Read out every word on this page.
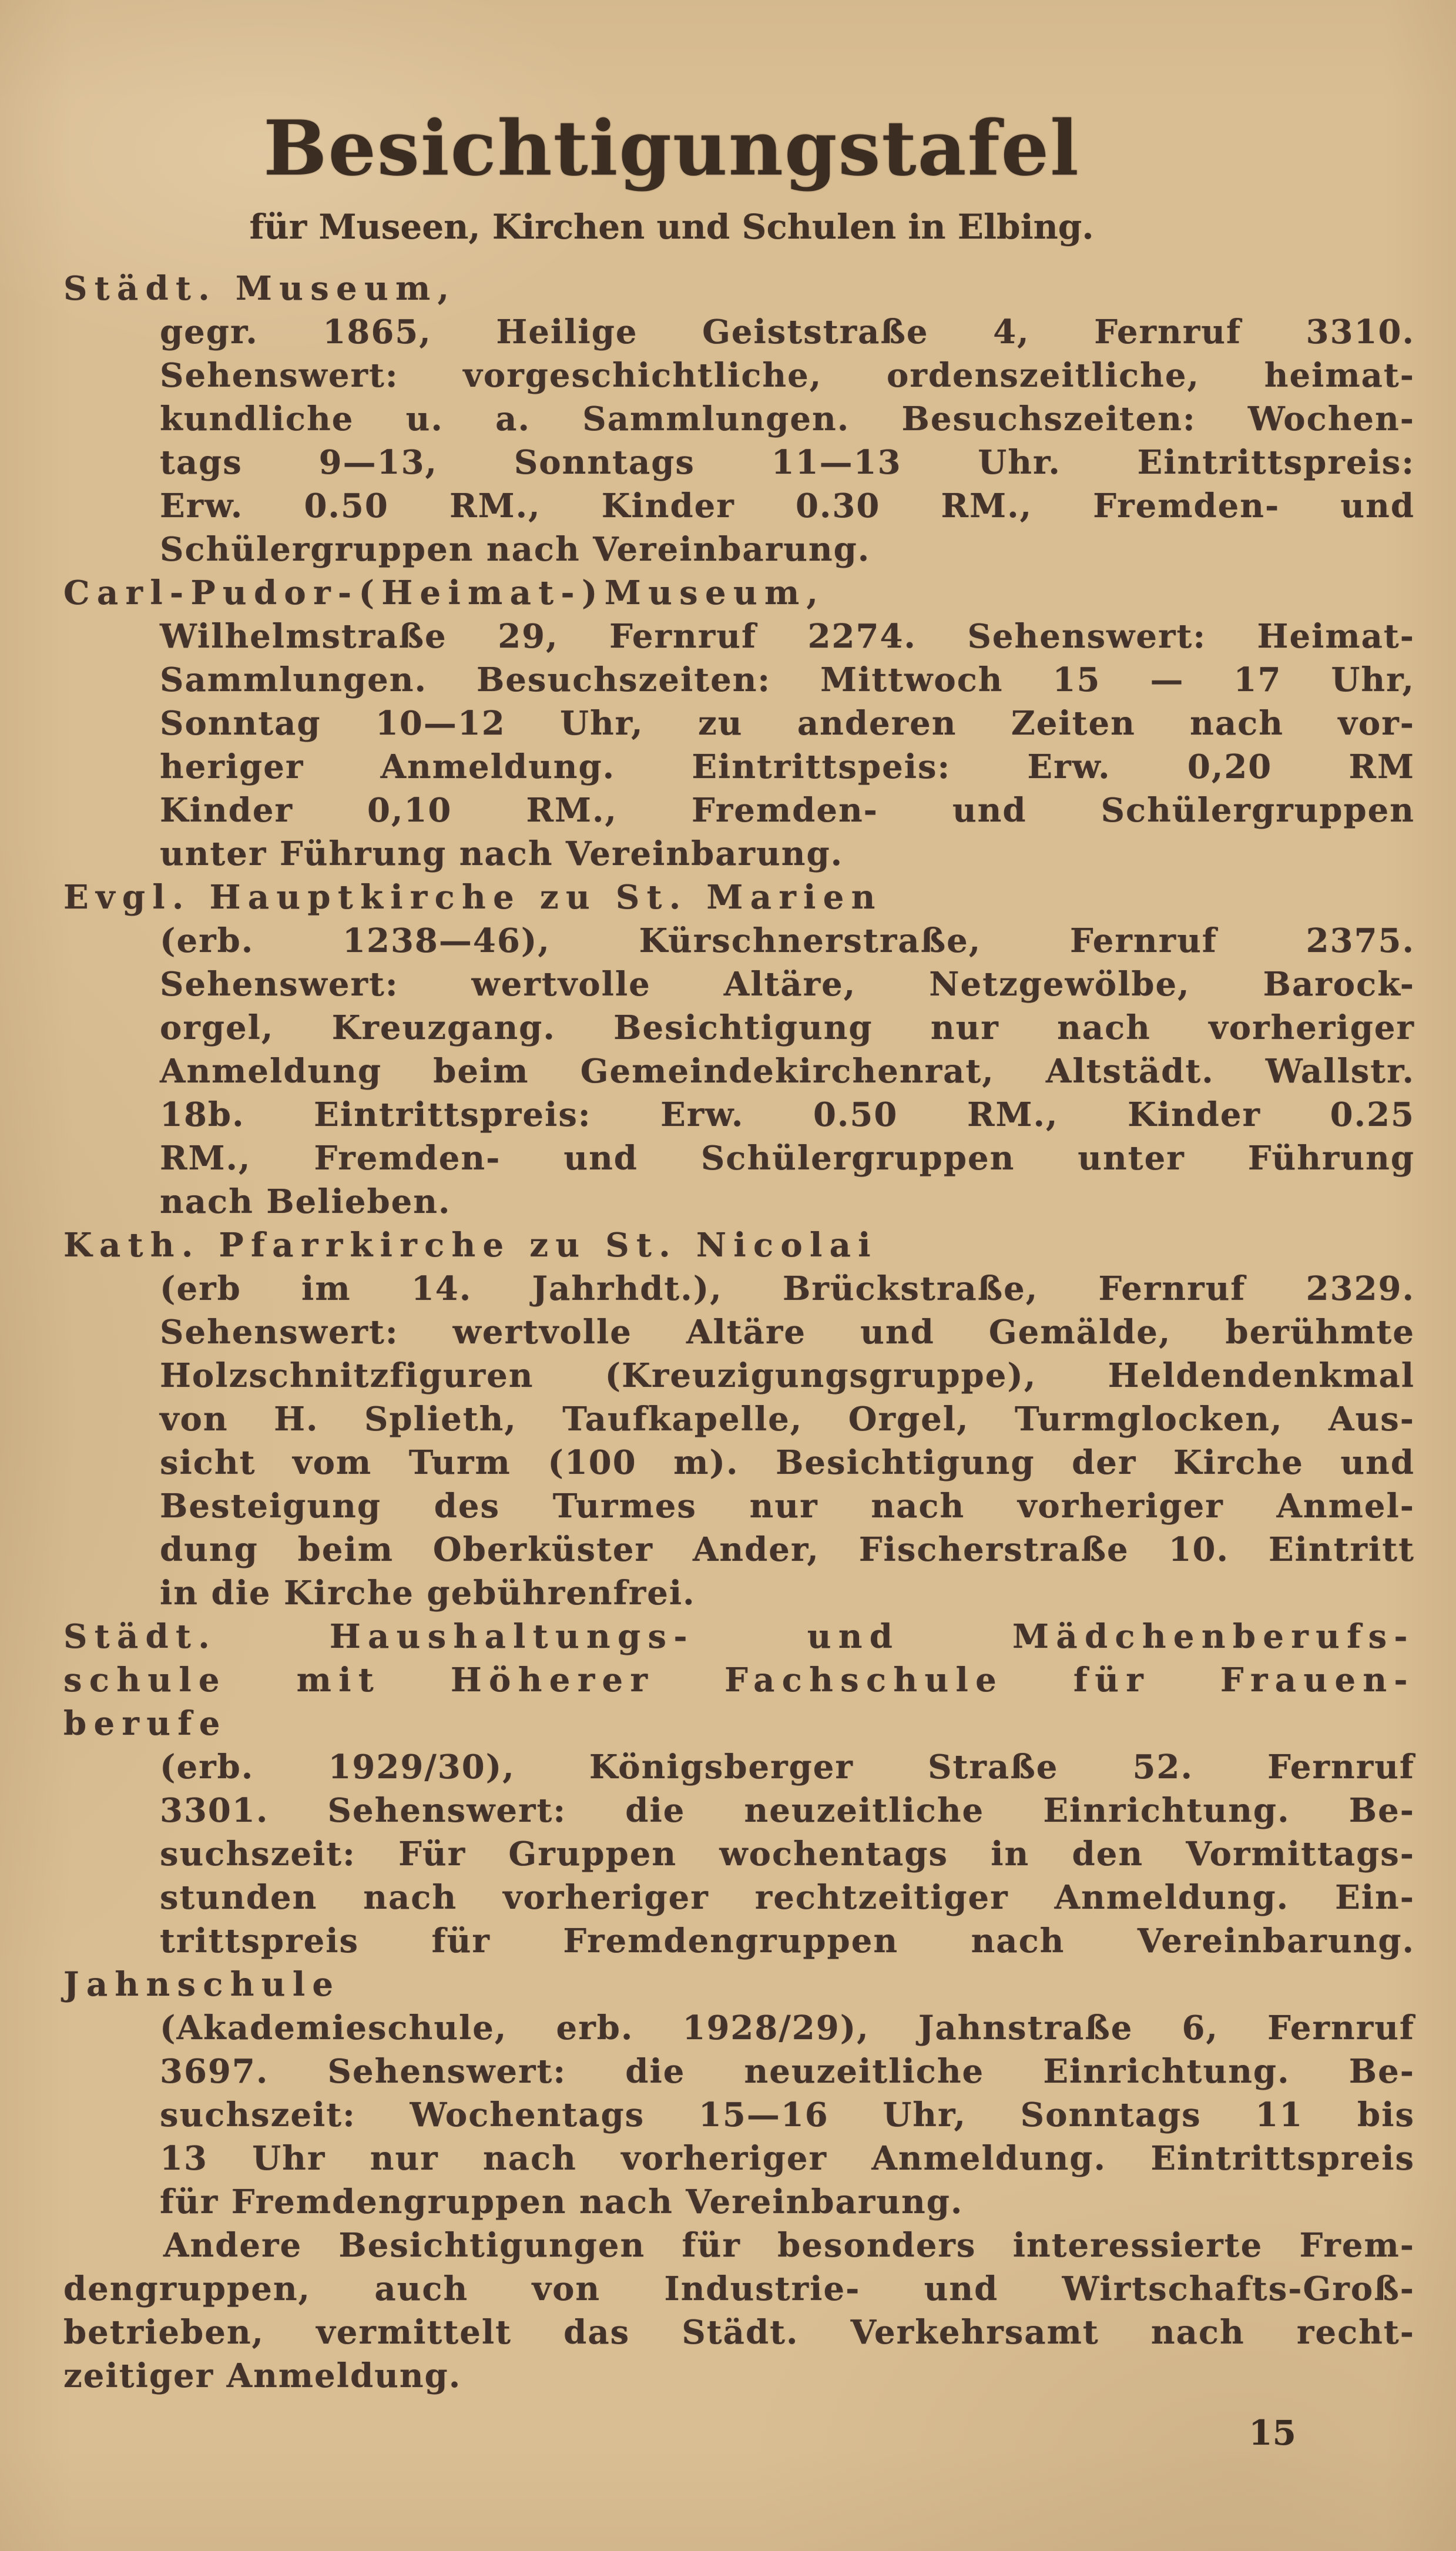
Besichtigungstafel
für Museen, Kirchen und Schulen in Elbing.
Städt. Museum,
gegr. 1865, Heilige Geiststraße 4, Fernruf 3310.
Sehenswert: vorgeschichtliche, ordenszeitliche, heimat-
kundliche u. a. Sammlungen. Besuchszeiten: Wochen-
tags 9—13, Sonntags 11—13 Uhr. Eintrittspreis:
Erw. 0.50 RM., Kinder 0.30 RM., Fremden- und
Schülergruppen nach Vereinbarung.
Carl-Pudor-(Heimat-)Museum,
Wilhelmstraße 29, Fernruf 2274. Sehenswert: Heimat-
Sammlungen. Besuchszeiten: Mittwoch 15 — 17 Uhr,
Sonntag 10—12 Uhr, zu anderen Zeiten nach vor-
heriger Anmeldung. Eintrittspeis: Erw. 0,20 RM
Kinder 0,10 RM., Fremden- und Schülergruppen
unter Führung nach Vereinbarung.
Evgl. Hauptkirche zu St. Marien
(erb. 1238—46), Kürschnerstraße, Fernruf 2375.
Sehenswert: wertvolle Altäre, Netzgewölbe, Barock-
orgel, Kreuzgang. Besichtigung nur nach vorheriger
Anmeldung beim Gemeindekirchenrat, Altstädt. Wallstr.
18b. Eintrittspreis: Erw. 0.50 RM., Kinder 0.25
RM., Fremden- und Schülergruppen unter Führung
nach Belieben.
Kath. Pfarrkirche zu St. Nicolai
(erb im 14. Jahrhdt.), Brückstraße, Fernruf 2329.
Sehenswert: wertvolle Altäre und Gemälde, berühmte
Holzschnitzfiguren (Kreuzigungsgruppe), Heldendenkmal
von H. Splieth, Taufkapelle, Orgel, Turmglocken, Aus-
sicht vom Turm (100 m). Besichtigung der Kirche und
Besteigung des Turmes nur nach vorheriger Anmel-
dung beim Oberküster Ander, Fischerstraße 10. Eintritt
in die Kirche gebührenfrei.
Städt. Haushaltungs- und Mädchenberufs-
schule mit Höherer Fachschule für Frauen-
berufe
(erb. 1929/30), Königsberger Straße 52. Fernruf
3301. Sehenswert: die neuzeitliche Einrichtung. Be-
suchszeit: Für Gruppen wochentags in den Vormittags-
stunden nach vorheriger rechtzeitiger Anmeldung. Ein-
trittspreis für Fremdengruppen nach Vereinbarung.
Jahnschule
(Akademieschule, erb. 1928/29), Jahnstraße 6, Fernruf
3697. Sehenswert: die neuzeitliche Einrichtung. Be-
suchszeit: Wochentags 15—16 Uhr, Sonntags 11 bis
13 Uhr nur nach vorheriger Anmeldung. Eintrittspreis
für Fremdengruppen nach Vereinbarung.
Andere Besichtigungen für besonders interessierte Frem-
dengruppen, auch von Industrie- und Wirtschafts-Groß-
betrieben, vermittelt das Städt. Verkehrsamt nach recht-
zeitiger Anmeldung.
15
